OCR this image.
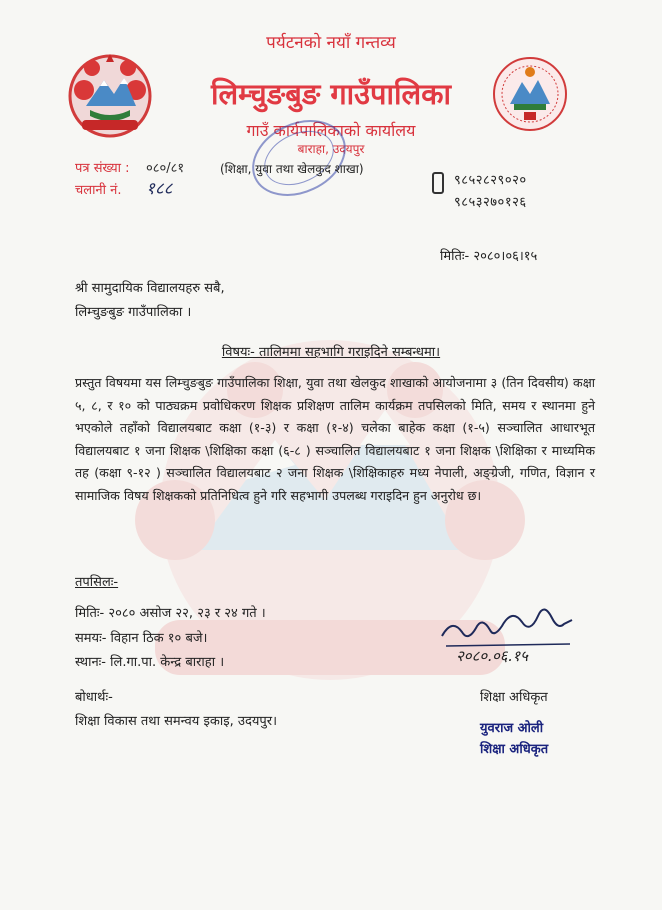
पर्यटनको नयाँ गन्तव्य
लिम्चुङबुङ गाउँपालिका
गाउँ कार्यपालिकाको कार्यालय
बाराहा, उदयपुर
पत्र संख्या : ०८०/८१	(शिक्षा, युवा तथा खेलकुद शाखा)
चलानी नं. १८८	९८५२८२९०२०
९८५३२७०१२६
मितिः- २०८०।०६।१५
श्री सामुदायिक विद्यालयहरु सबै,
लिम्चुङबुङ गाउँपालिका ।
विषयः- तालिममा सहभागि गराइदिने सम्बन्धमा।
प्रस्तुत विषयमा यस लिम्चुङबुङ गाउँपालिका शिक्षा, युवा तथा खेलकुद शाखाको आयोजनामा ३ (तिन दिवसीय) कक्षा ५, ८, र १० को पाठ्यक्रम प्रवोधिकरण शिक्षक प्रशिक्षण तालिम कार्यक्रम तपसिलको मिति, समय र स्थानमा हुने भएकोले तहाँको विद्यालयबाट कक्षा (१-३) र कक्षा (१-४) चलेका बाहेक कक्षा (१-५) सञ्चालित आधारभूत विद्यालयबाट १ जना शिक्षक \शिक्षिका कक्षा (६-८ ) सञ्चालित विद्यालयबाट १ जना शिक्षक \शिक्षिका र माध्यमिक तह (कक्षा ९-१२ ) सञ्चालित विद्यालयबाट २ जना शिक्षक \शिक्षिकाहरु मध्य नेपाली, अङ्ग्रेजी, गणित, विज्ञान र सामाजिक विषय शिक्षकको प्रतिनिधित्व हुने गरि सहभागी उपलब्ध गराइदिन हुन अनुरोध छ।
तपसिलः-
मितिः- २०८० असोज २२, २३ र २४ गते ।
समयः- विहान ठिक १० बजे।
स्थानः- लि.गा.पा. केन्द्र बाराहा ।	२०८०.०६.१५
बोधार्थः-
शिक्षा विकास तथा समन्वय इकाइ, उदयपुर।
शिक्षा अधिकृत
युवराज ओली
शिक्षा अधिकृत
